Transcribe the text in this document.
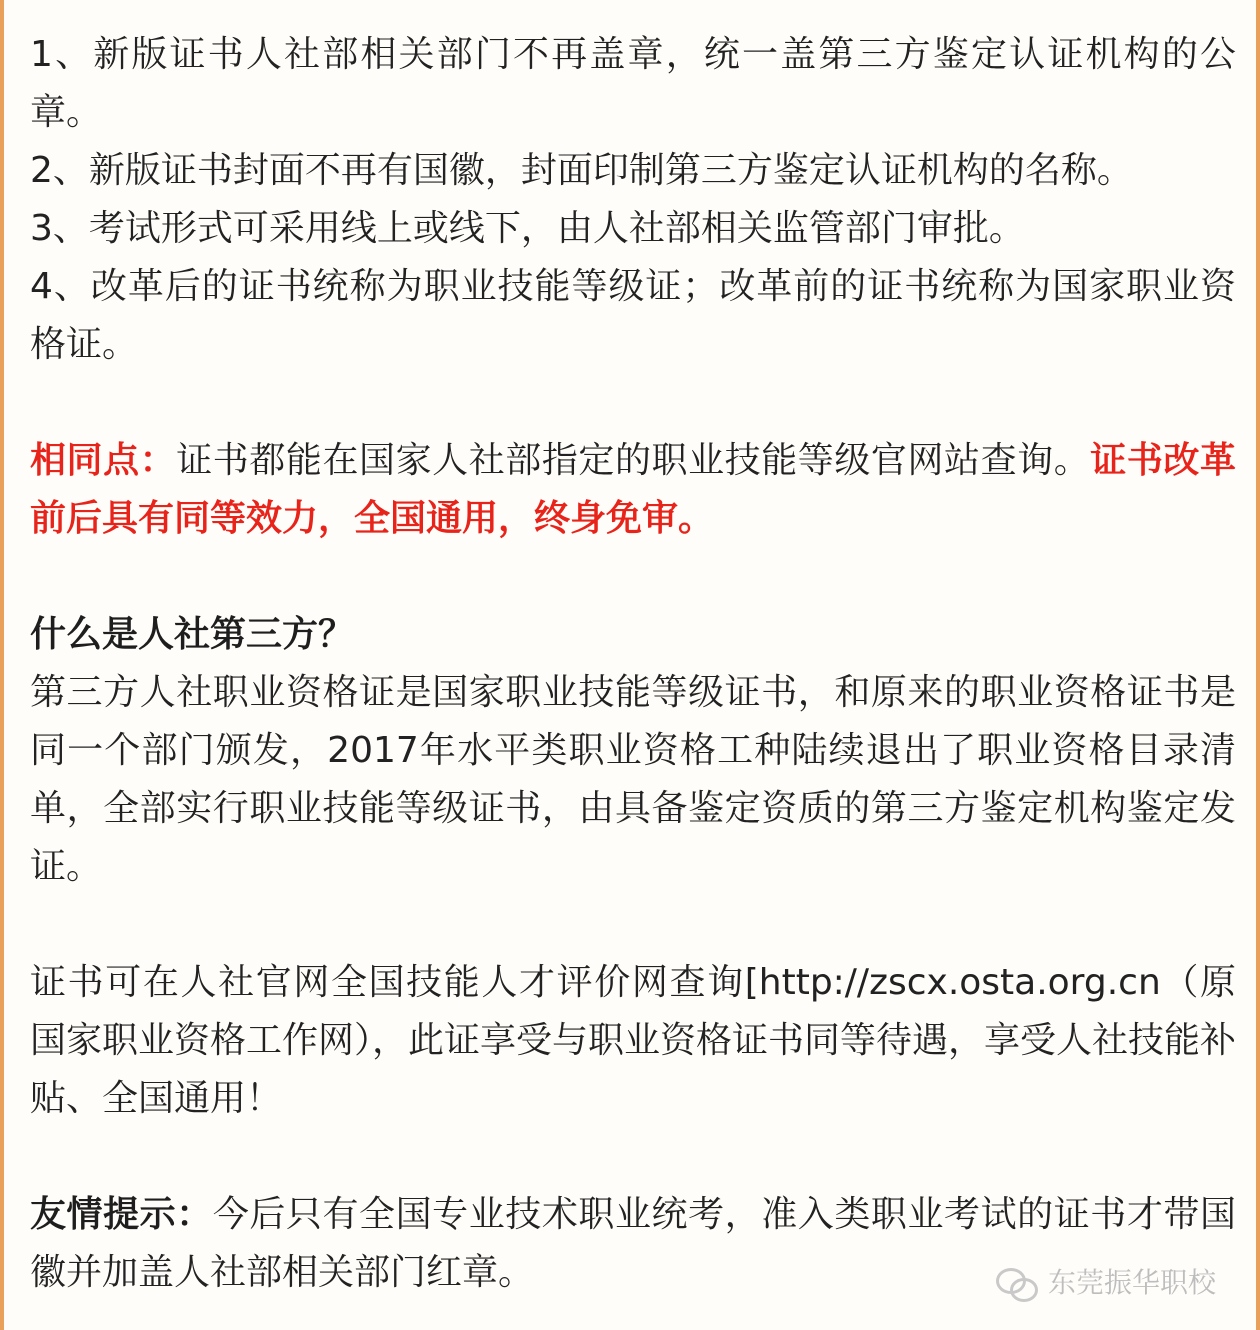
1、新版证书人社部相关部门不再盖章，统一盖第三方鉴定认证机构的公章。

2、新版证书封面不再有国徽，封面印制第三方鉴定认证机构的名称。

3、考试形式可采用线上或线下，由人社部相关监管部门审批。

4、改革后的证书统称为职业技能等级证；改革前的证书统称为国家职业资格证。

相同点：证书都能在国家人社部指定的职业技能等级官网站查询。证书改革前后具有同等效力，全国通用，终身免审。

什么是人社第三方？

第三方人社职业资格证是国家职业技能等级证书，和原来的职业资格证书是同一个部门颁发，2017年水平类职业资格工种陆续退出了职业资格目录清单，全部实行职业技能等级证书，由具备鉴定资质的第三方鉴定机构鉴定发证。

证书可在人社官网全国技能人才评价网查询[http://zscx.osta.org.cn（原国家职业资格工作网），此证享受与职业资格证书同等待遇，享受人社技能补贴、全国通用！

友情提示：今后只有全国专业技术职业统考，准入类职业考试的证书才带国徽并加盖人社部相关部门红章。	东莞振华职校
